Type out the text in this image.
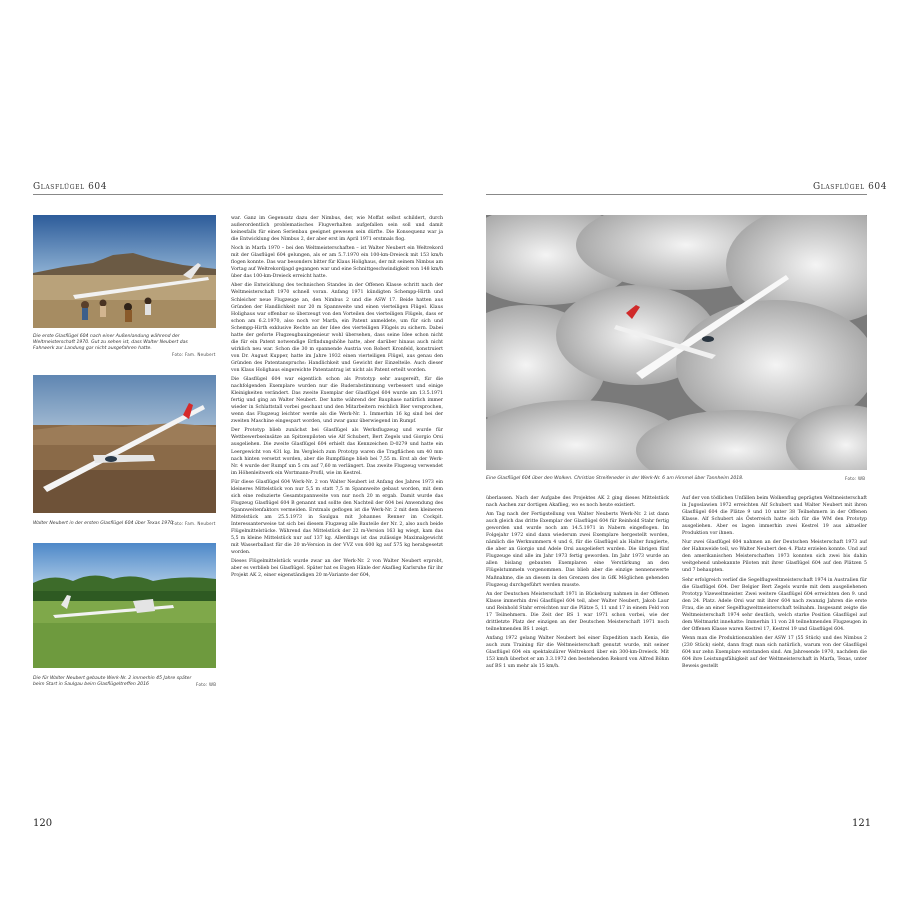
Glasflügel 604	Glasflügel 604
Die erste Glasflügel 604 nach einer Außenlandung während der Weltmeisterschaft 1970. Gut zu sehen ist, dass Walter Neubert das Fahrwerk zur Landung gar nicht ausgefahren hatte.
Foto: Fam. Neubert
Walter Neubert in der ersten Glasflügel 604 über Texas 1970
Foto: Fam. Neubert
Die für Walter Neubert gebaute Werk-Nr. 2 immerhin 45 Jahre später beim Start in Saulgau beim Glasflügeltreffen 2016	Foto: WB

war. Ganz im Gegensatz dazu der Nimbus, der, wie Moffat selbst schildert, durch außerordentlich problematisches Flugverhalten aufgefallen sein soll und damit keinesfalls für einen Serienbau geeignet gewesen sein dürfte. Die Konsequenz war ja die Entwicklung des Nimbus 2, der aber erst im April 1971 erstmals flog.

Noch in Marfa 1970 – bei den Weltmeisterschaften – ist Walter Neubert ein Weltrekord mit der Glasflügel 604 gelungen, als er am 5.7.1970 ein 100-km-Dreieck mit 153 km/h flogen konnte. Das war besonders bitter für Klaus Holighaus, der mit seinem Nimbus am Vortag auf Weltrekordjagd gegangen war und eine Schnittgeschwindigkeit von 148 km/h über das 100-km-Dreieck erreicht hatte.

Aber die Entwicklung des technischen Standes in der Offenen Klasse schritt nach der Weltmeisterschaft 1970 schnell voran. Anfang 1971 kündigten Schempp-Hirth und Schleicher neue Flugzeuge an, den Nimbus 2 und die ASW 17. Beide hatten aus Gründen der Handlichkeit nur 20 m Spannweite und einen vierteiligen Flügel. Klaus Holighaus war offenbar so überzeugt von den Vorteilen des vierteiligen Flügels, dass er schon am 6.2.1970, also noch vor Marfa, ein Patent anmeldete, um für sich und Schempp-Hirth exklusive Rechte an der Idee des vierteiligen Flügels zu sichern. Dabei hatte der geforte Flugzeugbauingenieur wohl übersehen, dass seine Idee schon nicht die für ein Patent notwendige Erfindungshöhe hatte, aber darüber hinaus auch nicht wirklich neu war. Schon die 30 m spannende Austria von Robert Kronfeld, konstruiert von Dr. August Kupper, hatte im Jahre 1932 einen vierteiligen Flügel, aus genau den Gründen des Patentanspruchs: Handlichkeit und Gewicht der Einzelteile. Auch dieser von Klaus Holighaus eingereichte Patentantrag ist nicht als Patent erteilt worden.

Die Glasflügel 604 war eigentlich schon als Prototyp sehr ausgereift, für die nachfolgenden Exemplare wurden nur die Ruderabstimmung verbessert und einige Kleinigkeiten verändert. Das zweite Exemplar der Glasflügel 604 wurde am 13.5.1971 fertig und ging an Walter Neubert. Der hatte während der Bauphase natürlich immer wieder in Schlattstall vorbei geschaut und den Mitarbeitern reichlich Bier versprochen, wenn das Flugzeug leichter werde als die Werk-Nr. 1. Immerhin 16 kg sind bei der zweiten Maschine eingespart worden, und zwar ganz überwiegend im Rumpf.

Der Prototyp blieb zunächst bei Glasflügel als Werksflugzeug und wurde für Wettbewerbseinsätze an Spitzenpiloten wie Alf Schubert, Bert Zegels und Giorgio Orsi ausgeliehen. Die zweite Glasflügel 604 erhielt das Kennzeichen D-0279 und hatte ein Leergewicht von 431 kg. Im Vergleich zum Prototyp waren die Tragflächen um 40 mm nach hinten versetzt worden, aber die Rumpflänge blieb bei 7,55 m. Erst ab der Werk-Nr. 4 wurde der Rumpf um 5 cm auf 7,60 m verlängert. Das zweite Flugzeug verwendet im Höhenleitwerk ein Wortmann-Profil, wie im Kestrel.

Für diese Glasflügel 604 Werk-Nr. 2 von Walter Neubert ist Anfang des Jahres 1973 ein kleineres Mittelstück von nur 5,5 m statt 7,5 m Spannweite gebaut worden, mit dem sich eine reduzierte Gesamtspannweite von nur noch 20 m ergab. Damit wurde das Flugzeug Glasflügel 604 B genannt und sollte den Nachteil der 604 bei Anwendung des Spannweitenfaktors vermeiden. Erstmals geflogen ist die Werk-Nr. 2 mit dem kleineren Mittelstück am 25.5.1973 in Saulgau mit Johannes Renner im Cockpit. Interessanterweise tat sich bei diesem Flugzeug alle Bauteile der Nr. 2, also auch beide Flügelmittelstücke. Während das Mittelstück der 22 m-Version 163 kg wiegt, kam das 5,5 m kleine Mittelstück nur auf 137 kg. Allerdings ist das zulässige Maximalgewicht mit Wasserballast für die 20 m-Version in der VVZ von 600 kg auf 575 kg herabgesetzt worden.

Dieses Flügelmittelstück wurde zwar an der Werk-Nr. 2 von Walter Neubert erprobt, aber es verblieb bei Glasflügel. Später hat es Eugen Hänle der Akaflieg Karlsruhe für ihr Projekt AK 2, einer eigenständigen 20 m-Variante der 604,

Eine Glasflügel 604 über den Wolken. Christian Streifeneder in der Werk-Nr. 6 am Himmel über Tannheim 2018.	Foto: WB

überlassen. Nach der Aufgabe des Projektes AK 2 ging dieses Mittelstück nach Aachen zur dortigen Akaflieg, wo es noch heute existiert.

Am Tag nach der Fertigstellung von Walter Neuberts Werk-Nr. 2 ist dann auch gleich das dritte Exemplar der Glasflügel 604 für Reinhold Stahr fertig geworden und wurde noch am 14.5.1971 in Nabern eingeflogen. Im Folgejahr 1972 sind dann wiederum zwei Exemplare hergestellt worden, nämlich die Werknummern 4 und 6, für die Glasflügel als Halter fungierte, die aber an Giorgio und Adele Orsi ausgeliefert wurden. Die übrigen fünf Flugzeuge sind alle im Jahr 1973 fertig geworden. Im Jahr 1973 wurde an allen bislang gebauten Exemplaren eine Verstärkung an den Flügelstummeln vorgenommen. Das blieb aber die einzige nennenswerte Maßnahme, die an diesem in den Grenzen des in GfK Möglichen gehenden Flugzeug durchgeführt werden musste.

An der Deutschen Meisterschaft 1971 in Bückeburg nahmen in der Offenen Klasse immerhin drei Glasflügel 604 teil, aber Walter Neubert, Jakob Laur und Reinhold Stahr erreichten nur die Plätze 5, 11 und 17 in einem Feld von 17 Teilnehmern. Die Zeit der BS 1 war 1971 schon vorbei, wie der drittletzte Platz der einzigen an der Deutschen Meisterschaft 1971 noch teilnehmenden BS 1 zeigt.

Anfang 1972 gelang Walter Neubert bei einer Expedition nach Kenia, die auch zum Training für die Weltmeisterschaft genutzt wurde, mit seiner Glasflügel 604 ein spektakulärer Weltrekord über ein 300-km-Dreieck. Mit 153 km/h überbot er am 3.3.1972 den bestehenden Rekord von Alfred Böhm auf BS 1 um mehr als 15 km/h.

Auf der von tödlichen Unfällen beim Wolkenflug geprägten Weltmeisterschaft in Jugoslawien 1972 erreichten Alf Schubert und Walter Neubert mit ihren Glasflügel 604 die Plätze 9 und 10 unter 38 Teilnehmern in der Offenen Klasse. Alf Schubert als Österreich hatte sich für die WM den Prototyp ausgeliehen. Aber es lagen immerhin zwei Kestrel 19 aus aktueller Produktion vor ihnen.

Nur zwei Glasflügel 604 nahmen an der Deutschen Meisterschaft 1973 auf der Hahnweide teil, wo Walter Neubert den 4. Platz erzielen konnte. Und auf den amerikanischen Meisterschaften 1973 konnten sich zwei bis dahin weitgehend unbekannte Piloten mit ihrer Glasflügel 604 auf den Plätzen 5 und 7 behaupten.

Sehr erfolgreich verlief die Segelflugweltmeisterschaft 1974 in Australien für die Glasflügel 604. Der Belgier Bert Zegels wurde mit dem ausgeliehenen Prototyp Vizeweltmeister. Zwei weitere Glasflügel 604 erreichten den 9. und den 24. Platz. Adele Orsi war mit ihrer 604 nach zwanzig Jahren die erste Frau, die an einer Segelflugweltmeisterschaft teilnahm. Insgesamt zeigte die Weltmeisterschaft 1974 sehr deutlich, welch starke Position Glasflügel auf dem Weltmarkt innehatte: Immerhin 11 von 28 teilnehmenden Flugzeugen in der Offenen Klasse waren Kestrel 17, Kestrel 19 und Glasflügel 604.

Wenn man die Produktionszahlen der ASW 17 (55 Stück) und des Nimbus 2 (230 Stück) sieht, dann fragt man sich natürlich, warum von der Glasflügel 604 nur zehn Exemplare entstanden sind. Am Jahresende 1970, nachdem die 604 ihre Leistungsfähigkeit auf der Weltmeisterschaft in Marfa, Texas, unter Beweis gestellt

120	121
